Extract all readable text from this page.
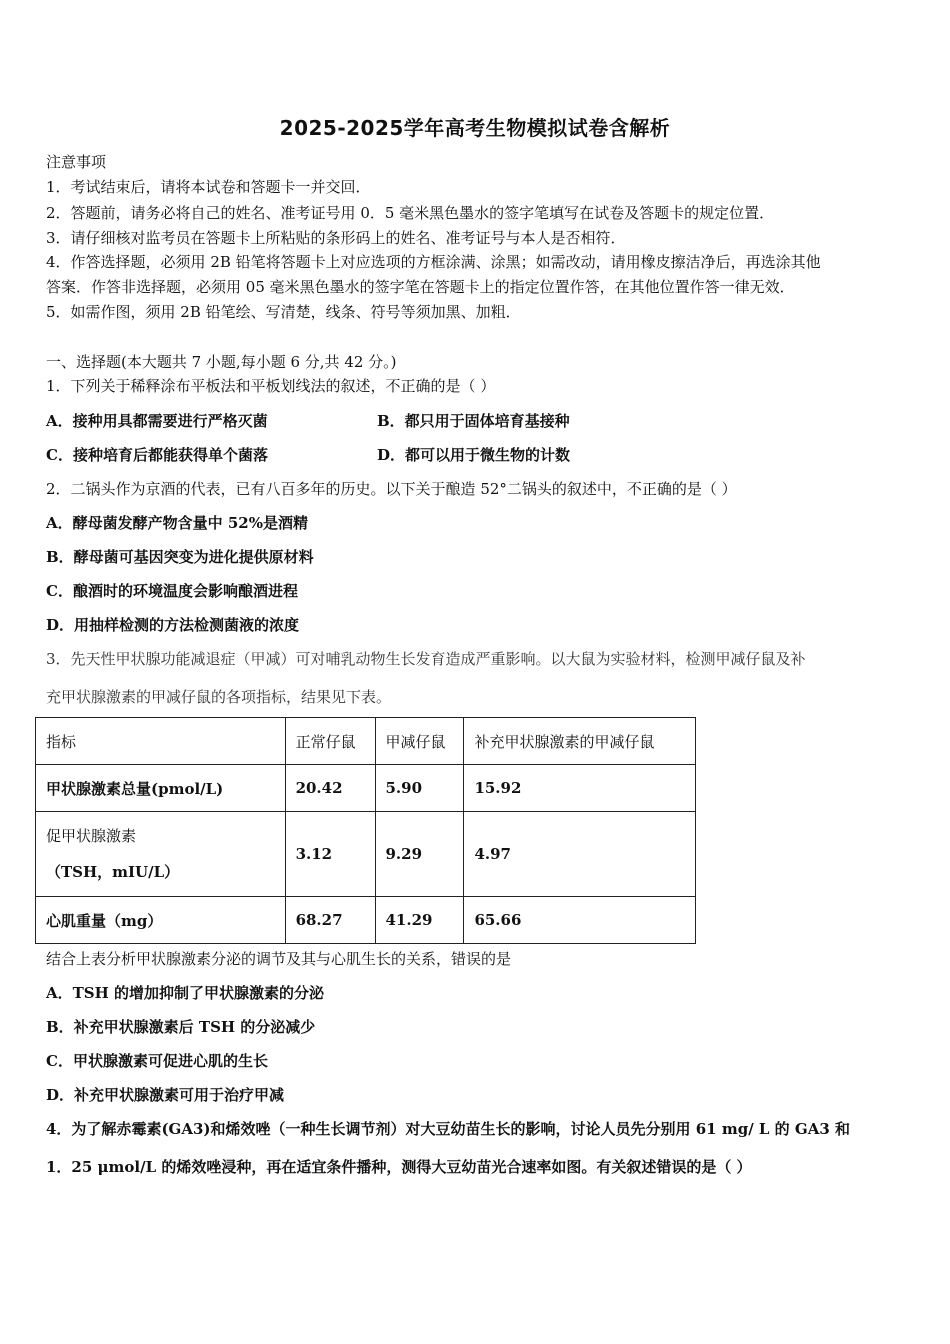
2025-2025学年高考生物模拟试卷含解析
注意事项
1．考试结束后，请将本试卷和答题卡一并交回．
2．答题前，请务必将自己的姓名、准考证号用 0．5 毫米黑色墨水的签字笔填写在试卷及答题卡的规定位置．
3．请仔细核对监考员在答题卡上所粘贴的条形码上的姓名、准考证号与本人是否相符．
4．作答选择题，必须用 2B 铅笔将答题卡上对应选项的方框涂满、涂黑；如需改动，请用橡皮擦洁净后，再选涂其他
答案．作答非选择题，必须用 05 毫米黑色墨水的签字笔在答题卡上的指定位置作答，在其他位置作答一律无效．
5．如需作图，须用 2B 铅笔绘、写清楚，线条、符号等须加黑、加粗．
一、选择题(本大题共 7 小题,每小题 6 分,共 42 分。)
1．下列关于稀释涂布平板法和平板划线法的叙述，不正确的是（ ）
A．接种用具都需要进行严格灭菌	B．都只用于固体培育基接种
C．接种培育后都能获得单个菌落	D．都可以用于微生物的计数
2．二锅头作为京酒的代表，已有八百多年的历史。以下关于酿造 52°二锅头的叙述中，不正确的是（ ）
A．酵母菌发酵产物含量中 52%是酒精
B．酵母菌可基因突变为进化提供原材料
C．酿酒时的环境温度会影响酿酒进程
D．用抽样检测的方法检测菌液的浓度
3．先天性甲状腺功能减退症（甲减）可对哺乳动物生长发育造成严重影响。以大鼠为实验材料，检测甲减仔鼠及补
充甲状腺激素的甲减仔鼠的各项指标，结果见下表。
指标	正常仔鼠	甲减仔鼠	补充甲状腺激素的甲减仔鼠
甲状腺激素总量(pmol/L)	20.42	5.90	15.92

促甲状腺激素
（TSH，mIU/L）	3.12	9.29	4.97
心肌重量（mg）	68.27	41.29	65.66
结合上表分析甲状腺激素分泌的调节及其与心肌生长的关系，错误的是
A．TSH 的增加抑制了甲状腺激素的分泌
B．补充甲状腺激素后 TSH 的分泌减少
C．甲状腺激素可促进心肌的生长
D．补充甲状腺激素可用于治疗甲减
4．为了解赤霉素(GA3)和烯效唑（一种生长调节剂）对大豆幼苗生长的影响，讨论人员先分别用 61 mg/ L 的 GA3 和
1．25 μmol/L 的烯效唑浸种，再在适宜条件播种，测得大豆幼苗光合速率如图。有关叙述错误的是（ ）
